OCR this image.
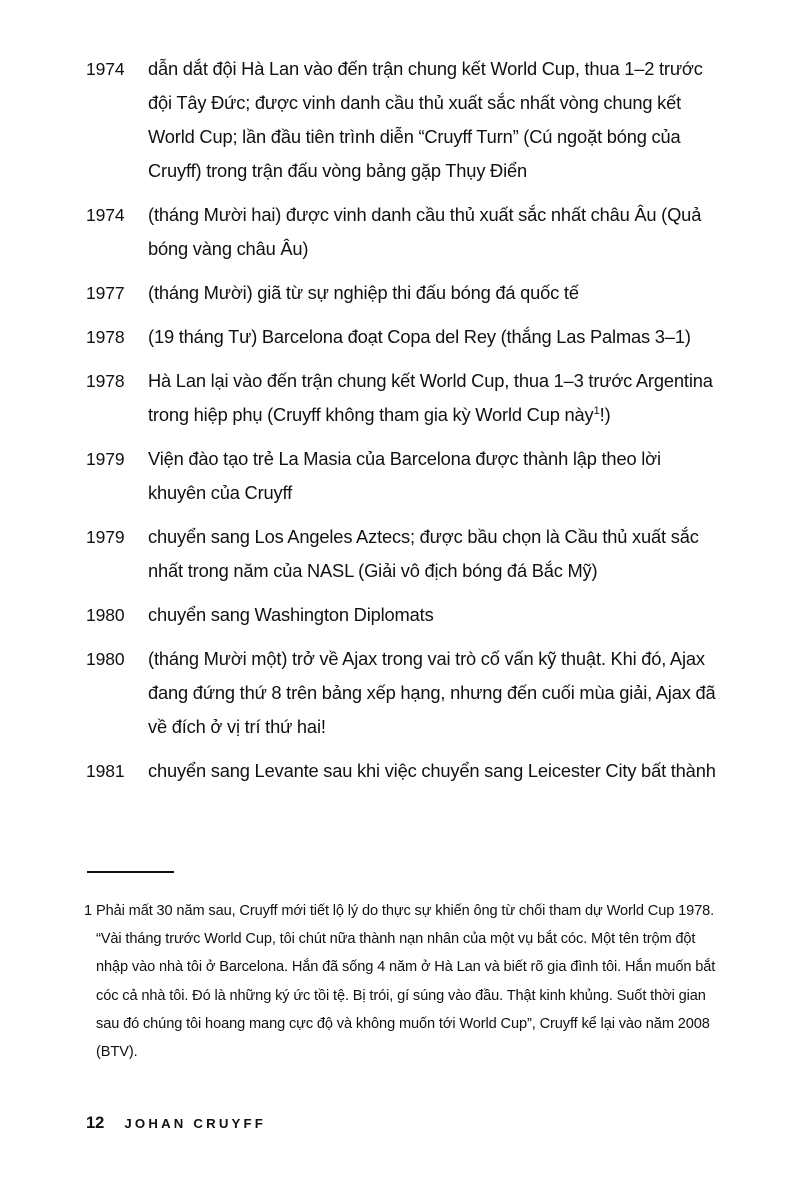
1974	dẫn dắt đội Hà Lan vào đến trận chung kết World Cup, thua 1–2 trước đội Tây Đức; được vinh danh cầu thủ xuất sắc nhất vòng chung kết World Cup; lần đầu tiên trình diễn “Cruyff Turn” (Cú ngoặt bóng của Cruyff) trong trận đấu vòng bảng gặp Thụy Điển
1974	(tháng Mười hai) được vinh danh cầu thủ xuất sắc nhất châu Âu (Quả bóng vàng châu Âu)
1977	(tháng Mười) giã từ sự nghiệp thi đấu bóng đá quốc tế
1978	(19 tháng Tư) Barcelona đoạt Copa del Rey (thắng Las Palmas 3–1)
1978	Hà Lan lại vào đến trận chung kết World Cup, thua 1–3 trước Argentina trong hiệp phụ (Cruyff không tham gia kỳ World Cup này$^1$!)
1979	Viện đào tạo trẻ La Masia của Barcelona được thành lập theo lời khuyên của Cruyff
1979	chuyển sang Los Angeles Aztecs; được bầu chọn là Cầu thủ xuất sắc nhất trong năm của NASL (Giải vô địch bóng đá Bắc Mỹ)
1980	chuyển sang Washington Diplomats
1980	(tháng Mười một) trở về Ajax trong vai trò cố vấn kỹ thuật. Khi đó, Ajax đang đứng thứ 8 trên bảng xếp hạng, nhưng đến cuối mùa giải, Ajax đã về đích ở vị trí thứ hai!
1981	chuyển sang Levante sau khi việc chuyển sang Leicester City bất thành
1 Phải mất 30 năm sau, Cruyff mới tiết lộ lý do thực sự khiến ông từ chối tham dự World Cup 1978. “Vài tháng trước World Cup, tôi chút nữa thành nạn nhân của một vụ bắt cóc. Một tên trộm đột nhập vào nhà tôi ở Barcelona. Hắn đã sống 4 năm ở Hà Lan và biết rõ gia đình tôi. Hắn muốn bắt cóc cả nhà tôi. Đó là những ký ức tồi tệ. Bị trói, gí súng vào đầu. Thật kinh khủng. Suốt thời gian sau đó chúng tôi hoang mang cực độ và không muốn tới World Cup”, Cruyff kể lại vào năm 2008 (BTV).
12 JOHAN CRUYFF
